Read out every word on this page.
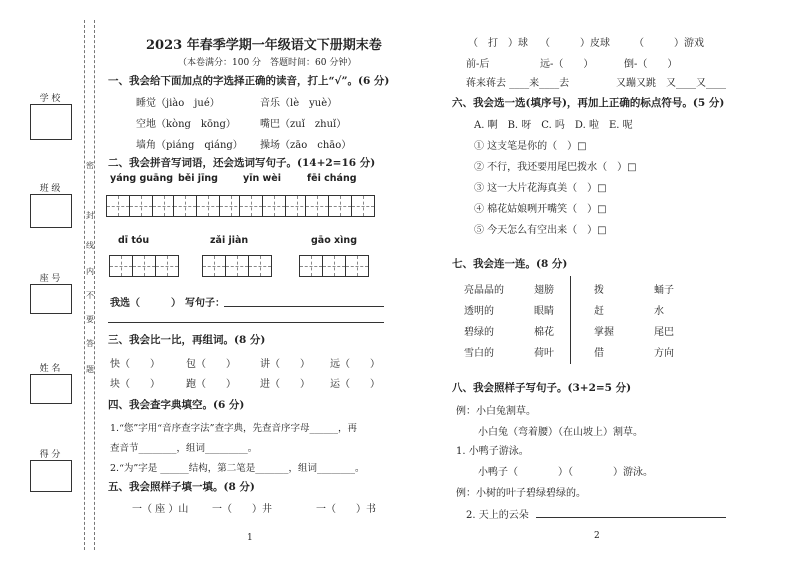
学 校
班 级
座 号
姓 名
得 分
密
封
线
内
不
要
答
题
2023 年春季学期一年级语文下册期末卷
（本卷满分：100 分　答题时间：60 分钟）
一、我会给下面加点的字选择正确的读音，打上“√”。(6 分)
睡觉（jiào　jué）	音乐（lè　yuè）
空地（kòng　kōng） 嘴巴（zuǐ　zhuǐ）
墙角（piáng　qiáng） 操场（zāo　chāo）
二、我会拼音写词语，还会选词写句子。(14+2=16 分)
yáng guāng běi jīng	yīn wèi	fēi cháng
dī tóu	zǎi jiàn	gāo xìng
我选（	） 写句子：
三、我会比一比，再组词。(8 分)
快（　　）	包（　　） 讲（　　） 远（　　）
块（　　）	跑（　　） 进（　　） 运（　　）
四、我会查字典填空。(6 分)
1.“您”字用“音序查字法”查字典，先查音序字母______，再
查音节________，组词_________。
2.“为”字是 ______结构，第二笔是_______，组词________。
五、我会照样子填一填。(8 分)
一（ 座 ）山 一（　　）井	一（　　）书
1
（　打　）球 （　　　）皮球 （　　　）游戏
前-后	远-（　　）	倒-（　　）
蒋来蒋去 ____来____去	又蹦又跳　又____又____
六、我会选一选(填序号)，再加上正确的标点符号。(5 分)
A. 啊　B. 呀　C. 吗　D. 啦　E. 呢
① 这支笔是你的（　）□
② 不行，我还要用尾巴拨水（　）□
③ 这一大片花海真美（　）□
④ 棉花姑娘咧开嘴笑（　）□
⑤ 今天怎么有空出来（　）□
七、我会连一连。(8 分)
亮晶晶的
透明的
碧绿的
雪白的
翅膀
眼睛
棉花
荷叶
拨
赶
掌握
借
蛹子
水
尾巴
方向
八、我会照样子写句子。(3+2=5 分)
例：小白兔割草。
小白兔（弯着腰）（在山坡上）割草。
1. 小鸭子游泳。
小鸭子（　　　　）（　　　　）游泳。
例：小树的叶子碧绿碧绿的。
2. 天上的云朵
2
